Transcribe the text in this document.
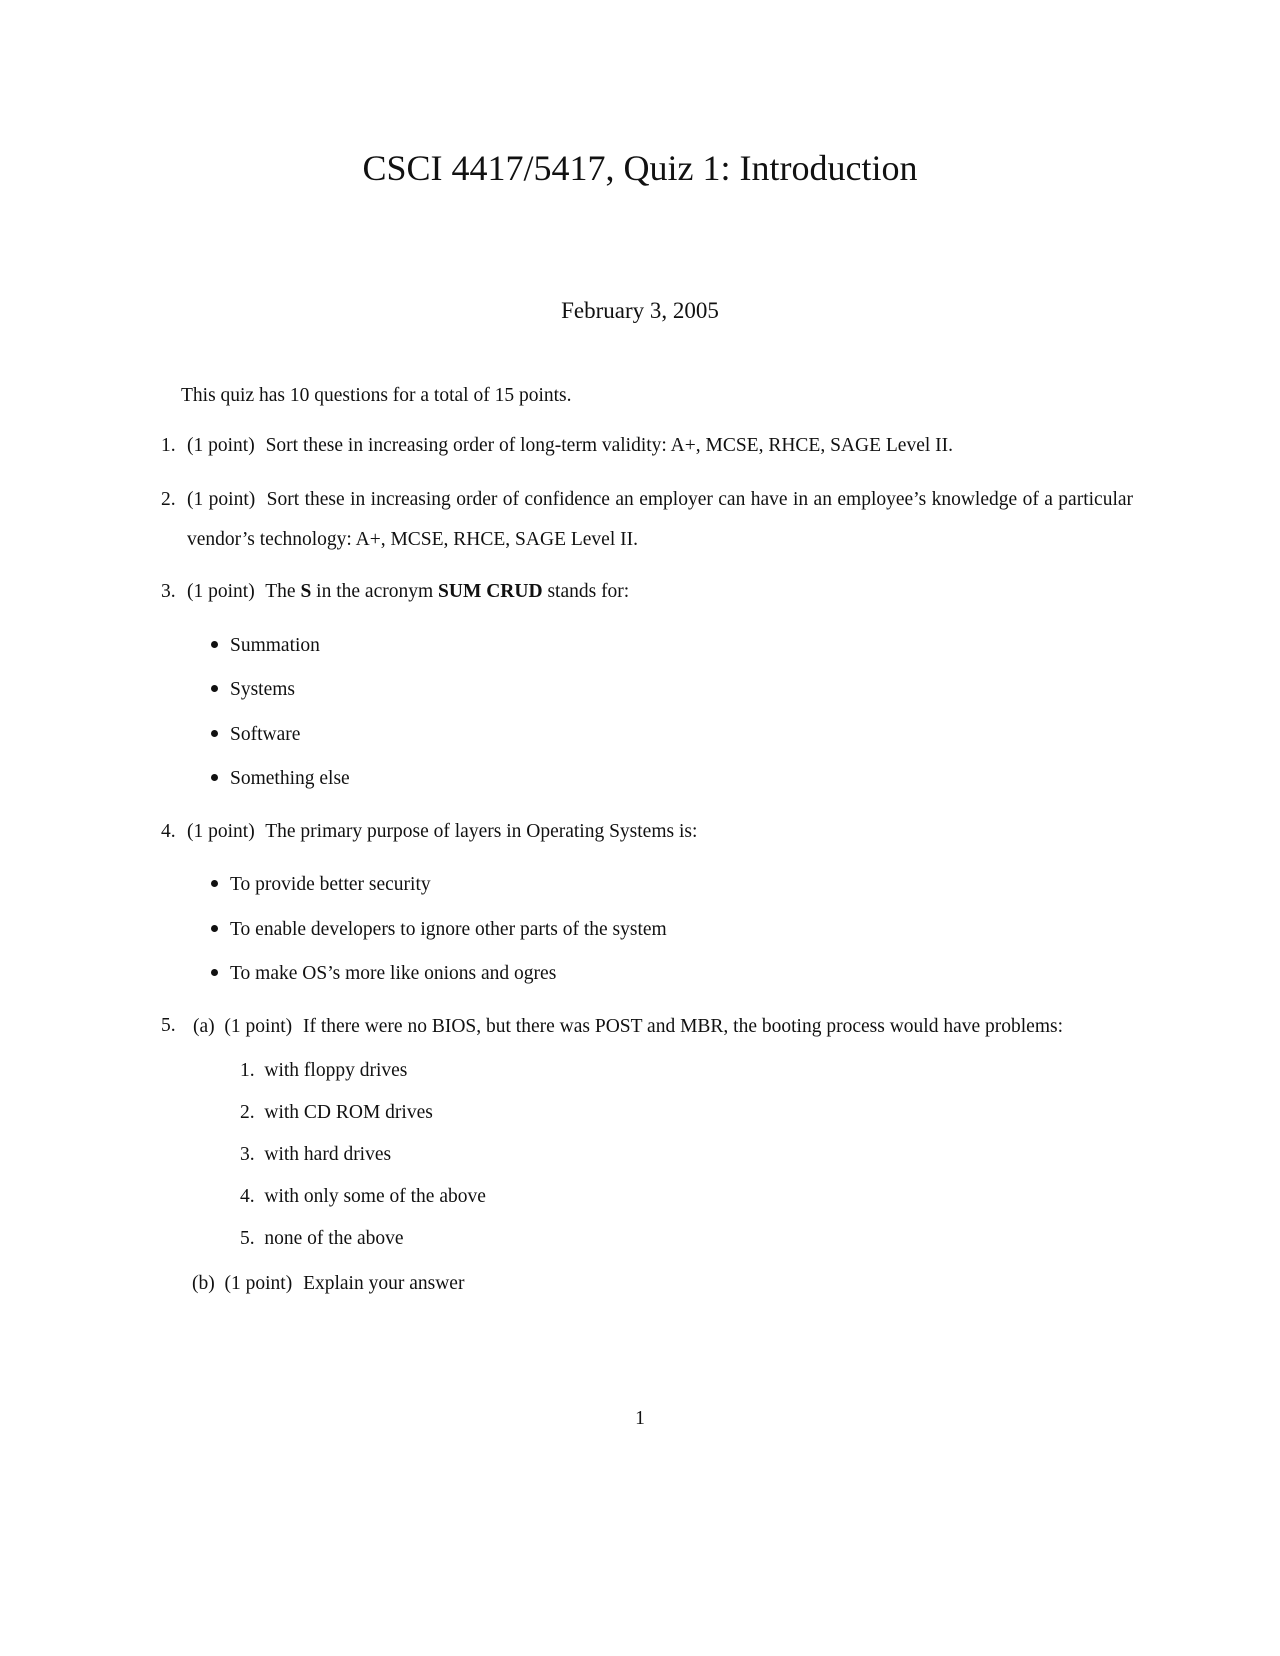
CSCI 4417/5417, Quiz 1: Introduction
February 3, 2005
This quiz has 10 questions for a total of 15 points.
1. (1 point) Sort these in increasing order of long-term validity: A+, MCSE, RHCE, SAGE Level II.
2. (1 point) Sort these in increasing order of confidence an employer can have in an employee’s knowledge of a particular vendor’s technology: A+, MCSE, RHCE, SAGE Level II.
3. (1 point) The S in the acronym SUM CRUD stands for:
Summation
Systems
Software
Something else
4. (1 point) The primary purpose of layers in Operating Systems is:
To provide better security
To enable developers to ignore other parts of the system
To make OS’s more like onions and ogres
5. (a) (1 point) If there were no BIOS, but there was POST and MBR, the booting process would have problems:
1. with floppy drives
2. with CD ROM drives
3. with hard drives
4. with only some of the above
5. none of the above
(b) (1 point) Explain your answer
1
